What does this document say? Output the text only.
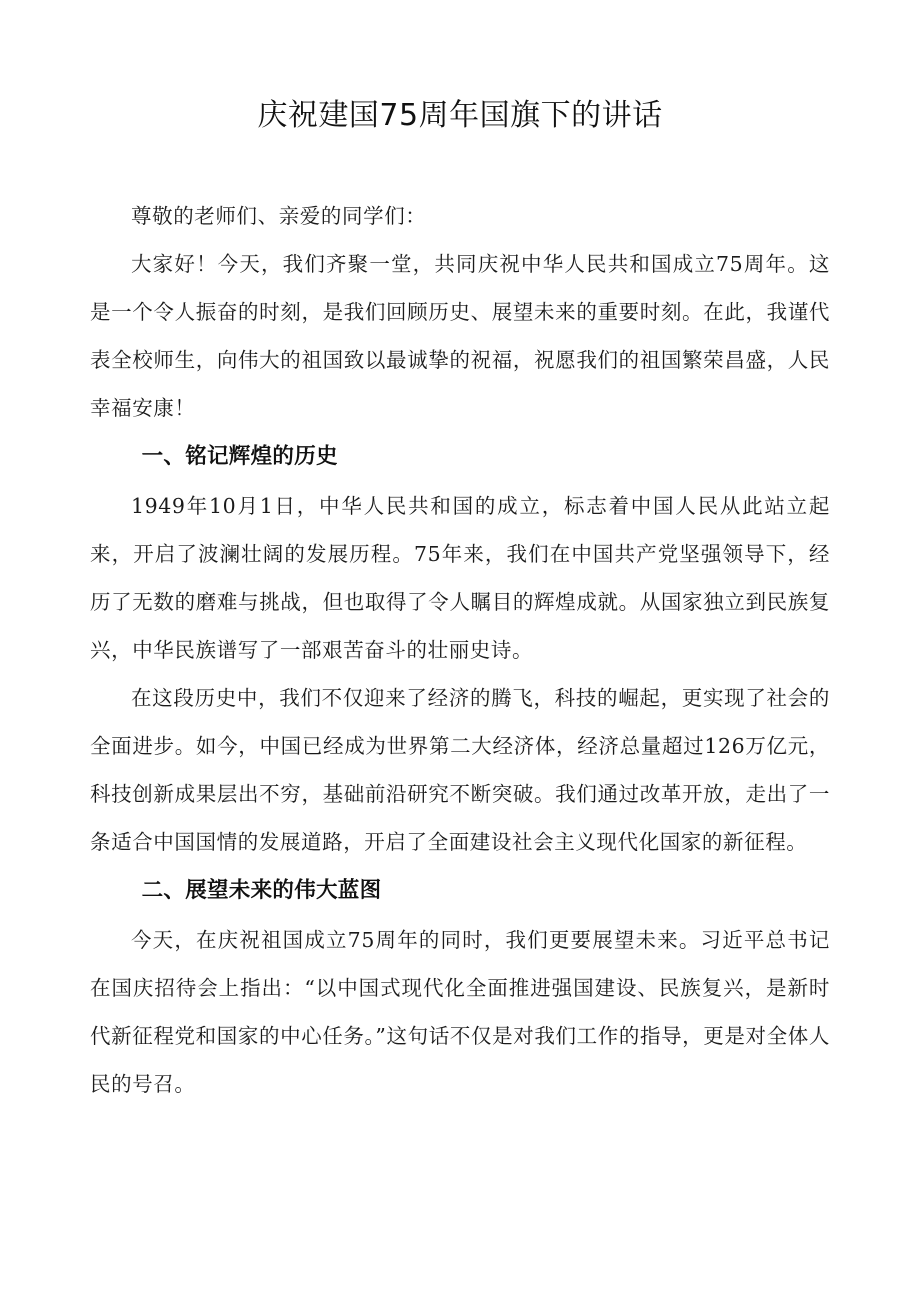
庆祝建国75周年国旗下的讲话

尊敬的老师们、亲爱的同学们：

大家好！今天，我们齐聚一堂，共同庆祝中华人民共和国成立75周年。这是一个令人振奋的时刻，是我们回顾历史、展望未来的重要时刻。在此，我谨代表全校师生，向伟大的祖国致以最诚挚的祝福，祝愿我们的祖国繁荣昌盛，人民幸福安康！

一、铭记辉煌的历史

1949年10月1日，中华人民共和国的成立，标志着中国人民从此站立起来，开启了波澜壮阔的发展历程。75年来，我们在中国共产党坚强领导下，经历了无数的磨难与挑战，但也取得了令人瞩目的辉煌成就。从国家独立到民族复兴，中华民族谱写了一部艰苦奋斗的壮丽史诗。

在这段历史中，我们不仅迎来了经济的腾飞，科技的崛起，更实现了社会的全面进步。如今，中国已经成为世界第二大经济体，经济总量超过126万亿元，科技创新成果层出不穷，基础前沿研究不断突破。我们通过改革开放，走出了一条适合中国国情的发展道路，开启了全面建设社会主义现代化国家的新征程。

二、展望未来的伟大蓝图

今天，在庆祝祖国成立75周年的同时，我们更要展望未来。习近平总书记在国庆招待会上指出：“以中国式现代化全面推进强国建设、民族复兴，是新时代新征程党和国家的中心任务。”这句话不仅是对我们工作的指导，更是对全体人民的号召。
